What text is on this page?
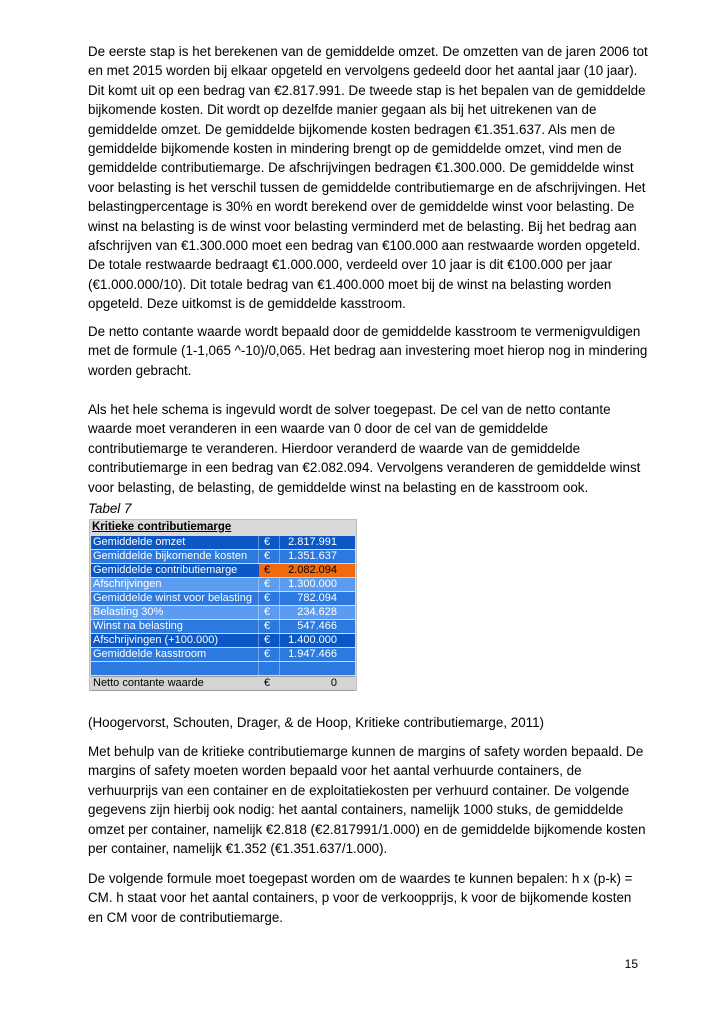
De eerste stap is het berekenen van de gemiddelde omzet. De omzetten van de jaren 2006 tot en met 2015 worden bij elkaar opgeteld en vervolgens gedeeld door het aantal jaar (10 jaar). Dit komt uit op een bedrag van €2.817.991. De tweede stap is het bepalen van de gemiddelde bijkomende kosten. Dit wordt op dezelfde manier gegaan als bij het uitrekenen van de gemiddelde omzet. De gemiddelde bijkomende kosten bedragen €1.351.637. Als men de gemiddelde bijkomende kosten in mindering brengt op de gemiddelde omzet, vind men de gemiddelde contributiemarge. De afschrijvingen bedragen €1.300.000. De gemiddelde winst voor belasting is het verschil tussen de gemiddelde contributiemarge en de afschrijvingen. Het belastingpercentage is 30% en wordt berekend over de gemiddelde winst voor belasting. De winst na belasting is de winst voor belasting verminderd met de belasting. Bij het bedrag aan afschrijven van €1.300.000 moet een bedrag van €100.000 aan restwaarde worden opgeteld. De totale restwaarde bedraagt €1.000.000, verdeeld over 10 jaar is dit €100.000 per jaar (€1.000.000/10). Dit totale bedrag van €1.400.000 moet bij de winst na belasting worden opgeteld. Deze uitkomst is de gemiddelde kasstroom.

De netto contante waarde wordt bepaald door de gemiddelde kasstroom te vermenigvuldigen met de formule (1-1,065 ^-10)/0,065. Het bedrag aan investering moet hierop nog in mindering worden gebracht.

Als het hele schema is ingevuld wordt de solver toegepast. De cel van de netto contante waarde moet veranderen in een waarde van 0 door de cel van de gemiddelde contributiemarge te veranderen. Hierdoor veranderd de waarde van de gemiddelde contributiemarge in een bedrag van €2.082.094. Vervolgens veranderen de gemiddelde winst voor belasting, de belasting, de gemiddelde winst na belasting en de kasstroom ook.

Tabel 7

Kritieke contributiemarge
Gemiddelde omzet	€ 2.817.991
Gemiddelde bijkomende kosten € 1.351.637
Gemiddelde contributiemarge € 2.082.094
Afschrijvingen	€ 1.300.000
Gemiddelde winst voor belasting € 782.094
Belasting 30%	€ 234.628
Winst na belasting	€ 547.466
Afschrijvingen (+100.000)	€ 1.400.000
Gemiddelde kasstroom	€ 1.947.466
Netto contante waarde	€	0

(Hoogervorst, Schouten, Drager, & de Hoop, Kritieke contributiemarge, 2011)

Met behulp van de kritieke contributiemarge kunnen de margins of safety worden bepaald. De margins of safety moeten worden bepaald voor het aantal verhuurde containers, de verhuurprijs van een container en de exploitatiekosten per verhuurd container. De volgende gegevens zijn hierbij ook nodig: het aantal containers, namelijk 1000 stuks, de gemiddelde omzet per container, namelijk €2.818 (€2.817991/1.000) en de gemiddelde bijkomende kosten per container, namelijk €1.352 (€1.351.637/1.000).

De volgende formule moet toegepast worden om de waardes te kunnen bepalen: h x (p-k) = CM. h staat voor het aantal containers, p voor de verkoopprijs, k voor de bijkomende kosten en CM voor de contributiemarge.

15
